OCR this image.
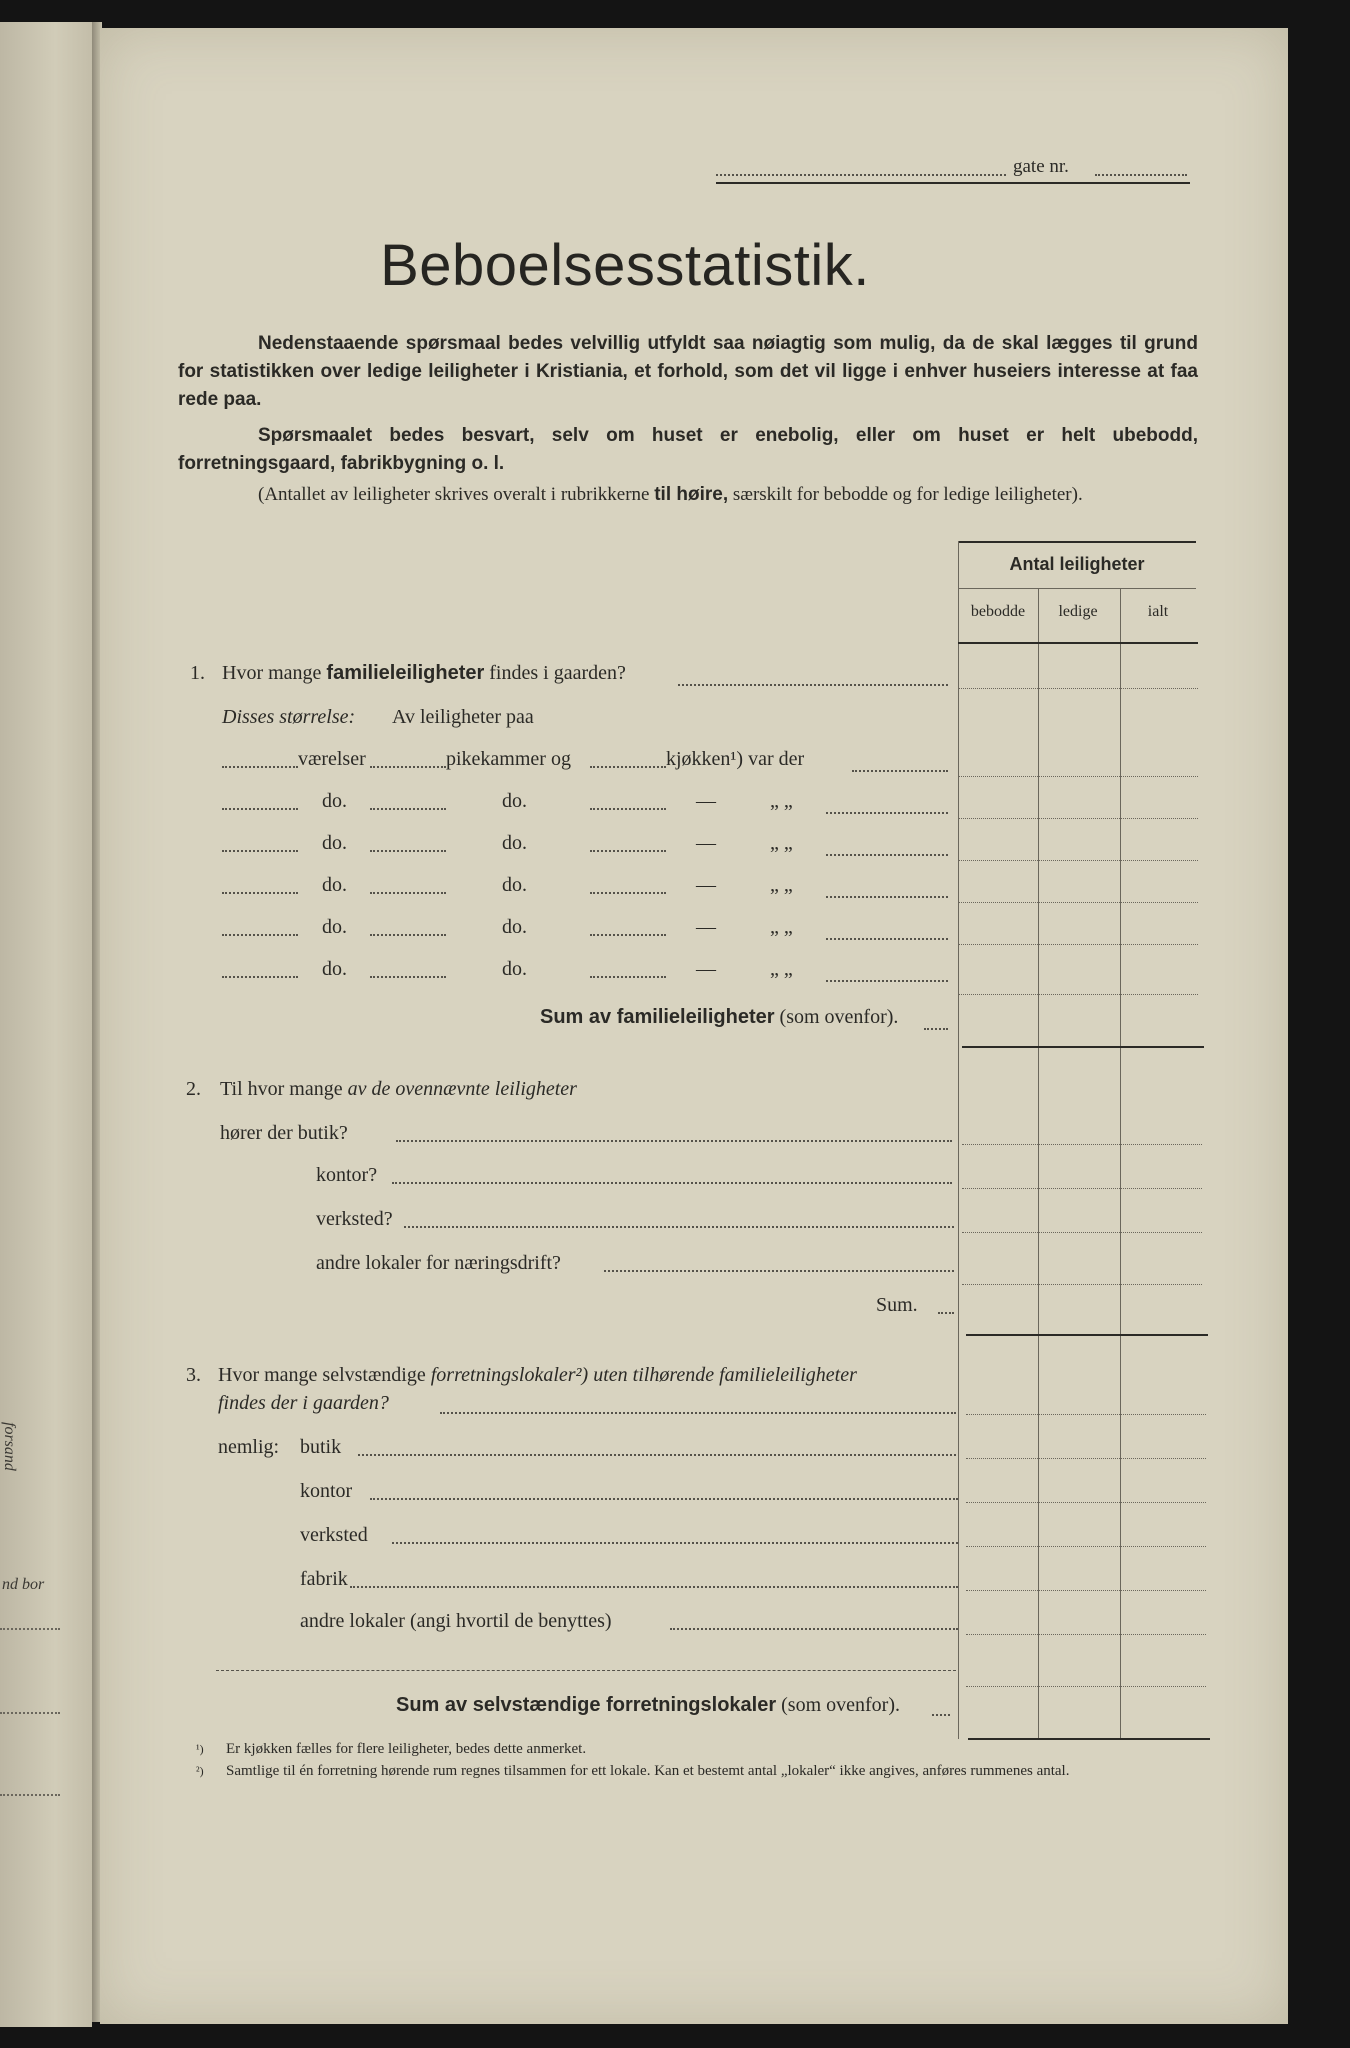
forsand
nd bor
gate nr.
Beboelsesstatistik.
Nedenstaaende spørsmaal bedes velvillig utfyldt saa nøiagtig som mulig, da de skal lægges til grund for statistikken over ledige leiligheter i Kristiania, et forhold, som det vil ligge i enhver huseiers interesse at faa rede paa.
Spørsmaalet bedes besvart, selv om huset er enebolig, eller om huset er helt ubebodd, forretningsgaard, fabrikbygning o. l.
(Antallet av leiligheter skrives overalt i rubrikkerne til høire, særskilt for bebodde og for ledige leiligheter).
Antal leiligheter
bebodde	ledige	ialt
1. Hvor mange familieleiligheter findes i gaarden?
Disses størrelse: Av leiligheter paa
værelser	pikekammer og	kjøkken¹) var der
do.	do.	—	„ „
do.	do.	—	„ „
do.	do.	—	„ „
do.	do.	—	„ „
do.	do.	—	„ „
Sum av familieleiligheter (som ovenfor).
2. Til hvor mange av de ovennævnte leiligheter
hører der butik?
kontor?
verksted?
andre lokaler for næringsdrift?
Sum.
3. Hvor mange selvstændige forretningslokaler²) uten tilhørende familieleiligheter
findes der i gaarden?
nemlig: butik
kontor
verksted
fabrik
andre lokaler (angi hvortil de benyttes)
Sum av selvstændige forretningslokaler (som ovenfor).
¹) Er kjøkken fælles for flere leiligheter, bedes dette anmerket.
²) Samtlige til én forretning hørende rum regnes tilsammen for ett lokale. Kan et bestemt antal „lokaler“ ikke angives, anføres rummenes antal.
